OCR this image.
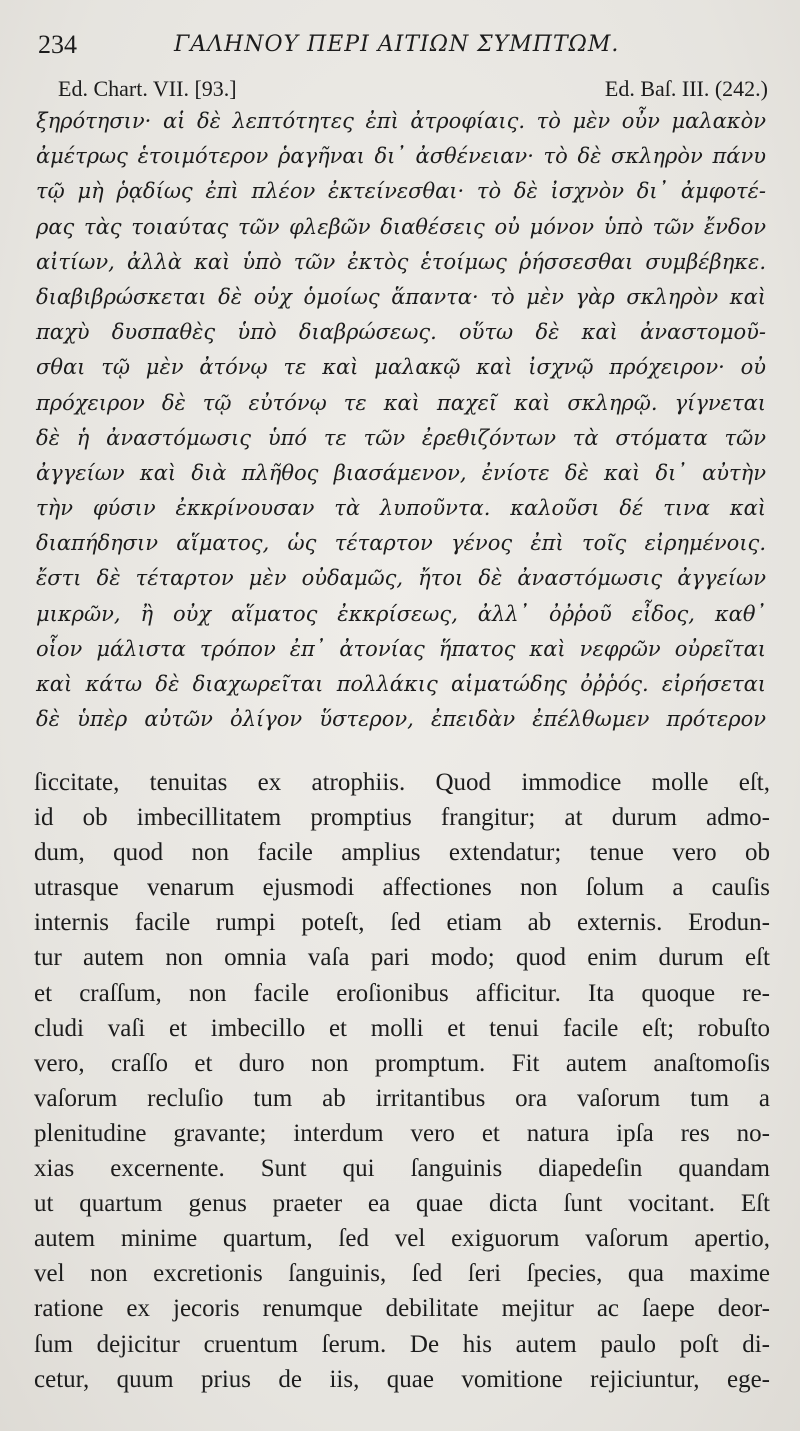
234	ΓΑΛΗΝΟΥ ΠΕΡΙ ΑΙΤΙΩΝ ΣΥΜΠΤΩΜ.
Ed. Chart. VII. [93.]	Ed. Baſ. III. (242.)
ξηρότησιν· αἱ δὲ λεπτότητες ἐπὶ ἀτροφίαις. τὸ μὲν οὖν μαλακὸν
ἀμέτρως ἑτοιμότερον ῥαγῆναι δι᾽ ἀσθένειαν· τὸ δὲ σκληρὸν πάνυ
τῷ μὴ ῥᾳδίως ἐπὶ πλέον ἐκτείνεσθαι· τὸ δὲ ἰσχνὸν δι᾽ ἀμφοτέ-
ρας τὰς τοιαύτας τῶν φλεβῶν διαθέσεις οὐ μόνον ὑπὸ τῶν ἔνδον
αἰτίων, ἀλλὰ καὶ ὑπὸ τῶν ἐκτὸς ἑτοίμως ῥήσσεσθαι συμβέβηκε.
διαβιβρώσκεται δὲ οὐχ ὁμοίως ἅπαντα· τὸ μὲν γὰρ σκληρὸν καὶ
παχὺ δυσπαθὲς ὑπὸ διαβρώσεως. οὕτω δὲ καὶ ἀναστομοῦ-
σθαι τῷ μὲν ἀτόνῳ τε καὶ μαλακῷ καὶ ἰσχνῷ πρόχειρον· οὐ
πρόχειρον δὲ τῷ εὐτόνῳ τε καὶ παχεῖ καὶ σκληρῷ. γίγνεται
δὲ ἡ ἀναστόμωσις ὑπό τε τῶν ἐρεθιζόντων τὰ στόματα τῶν
ἀγγείων καὶ διὰ πλῆθος βιασάμενον, ἐνίοτε δὲ καὶ δι᾽ αὐτὴν
τὴν φύσιν ἐκκρίνουσαν τὰ λυποῦντα. καλοῦσι δέ τινα καὶ
διαπήδησιν αἵματος, ὡς τέταρτον γένος ἐπὶ τοῖς εἰρημένοις.
ἔστι δὲ τέταρτον μὲν οὐδαμῶς, ἤτοι δὲ ἀναστόμωσις ἀγγείων
μικρῶν, ἢ οὐχ αἵματος ἐκκρίσεως, ἀλλ᾽ ὀῤῥοῦ εἶδος, καθ᾽
οἷον μάλιστα τρόπον ἐπ᾽ ἀτονίας ἥπατος καὶ νεφρῶν οὐρεῖται
καὶ κάτω δὲ διαχωρεῖται πολλάκις αἱματώδης ὀῤῥός. εἰρήσεται
δὲ ὑπὲρ αὐτῶν ὀλίγον ὕστερον, ἐπειδὰν ἐπέλθωμεν πρότερον
ſiccitate, tenuitas ex atrophiis. Quod immodice molle eſt,
id ob imbecillitatem promptius frangitur; at durum admo-
dum, quod non facile amplius extendatur; tenue vero ob
utrasque venarum ejusmodi affectiones non ſolum a cauſis
internis facile rumpi poteſt, ſed etiam ab externis. Erodun-
tur autem non omnia vaſa pari modo; quod enim durum eſt
et craſſum, non facile eroſionibus afficitur. Ita quoque re-
cludi vaſi et imbecillo et molli et tenui facile eſt; robuſto
vero, craſſo et duro non promptum. Fit autem anaſtomoſis
vaſorum recluſio tum ab irritantibus ora vaſorum tum a
plenitudine gravante; interdum vero et natura ipſa res no-
xias excernente. Sunt qui ſanguinis diapedeſin quandam
ut quartum genus praeter ea quae dicta ſunt vocitant. Eſt
autem minime quartum, ſed vel exiguorum vaſorum apertio,
vel non excretionis ſanguinis, ſed ſeri ſpecies, qua maxime
ratione ex jecoris renumque debilitate mejitur ac ſaepe deor-
ſum dejicitur cruentum ſerum. De his autem paulo poſt di-
cetur, quum prius de iis, quae vomitione rejiciuntur, ege-
